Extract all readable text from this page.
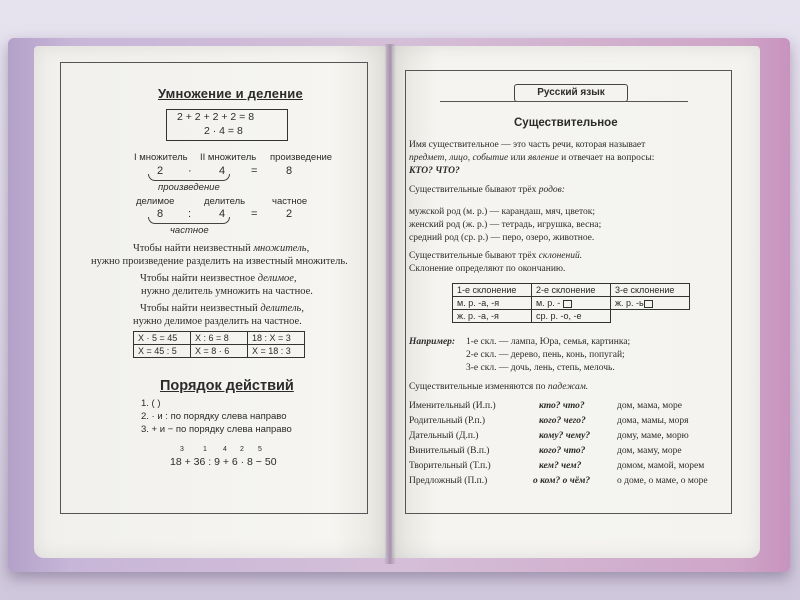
Умножение и деление
2 + 2 + 2 + 2 = 8
2 · 4 = 8
I множитель II множитель произведение
2 · 4 =	8
произведение
делимое	делитель	частное
8 :	4 =	2
частное
Чтобы найти неизвестный множитель,
нужно произведение разделить на известный множитель.
Чтобы найти неизвестное делимое,
нужно делитель умножить на частное.
Чтобы найти неизвестный делитель,
нужно делимое разделить на частное.
X · 5 = 45	X : 6 = 8	18 : X = 3
X = 45 : 5	X = 8 · 6	X = 18 : 3
Порядок действий
1. ( )
2. · и : по порядку слева направо
3. + и − по порядку слева направо
3	1 4 2 5
18 + 36 : 9 + 6 · 8 − 50
Русский язык
Существительное
Имя существительное — это часть речи, которая называет
предмет, лицо, событие или явление и отвечает на вопросы:
КТО? ЧТО?
Существительные бывают трёх родов:
мужской род (м. р.) — карандаш, мяч, цветок;
женский род (ж. р.) — тетрадь, игрушка, весна;
средний род (ср. р.) — перо, озеро, животное.
Существительные бывают трёх склонений.
Склонение определяют по окончанию.
1-е склонение	2-е склонение	3-е склонение
м. р. -а, -я	м. р. -	ж. р. -ь
ж. р. -а, -я	ср. р. -о, -е	
Например: 1-е скл. — лампа, Юра, семья, картинка;
2-е скл. — дерево, пень, конь, попугай;
3-е скл. — дочь, лень, степь, мелочь.
Существительные изменяются по падежам.
Именительный (И.п.)	кто? что?	дом, мама, море
Родительный (Р.п.)	кого? чего?	дома, мамы, моря
Дательный (Д.п.)	кому? чему?	дому, маме, морю
Винительный (В.п.)	кого? что?	дом, маму, море
Творительный (Т.п.)	кем? чем?	домом, мамой, морем
Предложный (П.п.)	о ком? о чём?	о доме, о маме, о море
